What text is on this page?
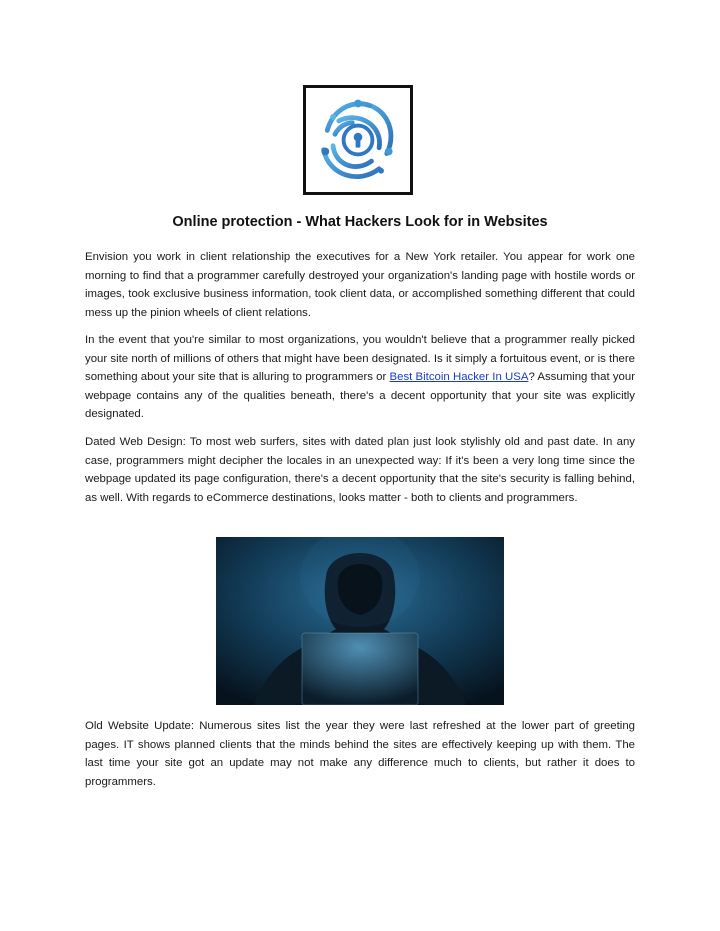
Online protection - What Hackers Look for in Websites

Envision you work in client relationship the executives for a New York retailer. You appear for work one morning to find that a programmer carefully destroyed your organization's landing page with hostile words or images, took exclusive business information, took client data, or accomplished something different that could mess up the pinion wheels of client relations.

In the event that you're similar to most organizations, you wouldn't believe that a programmer really picked your site north of millions of others that might have been designated. Is it simply a fortuitous event, or is there something about your site that is alluring to programmers or Best Bitcoin Hacker In USA? Assuming that your webpage contains any of the qualities beneath, there's a decent opportunity that your site was explicitly designated.

Dated Web Design: To most web surfers, sites with dated plan just look stylishly old and past date. In any case, programmers might decipher the locales in an unexpected way: If it's been a very long time since the webpage updated its page configuration, there's a decent opportunity that the site's security is falling behind, as well. With regards to eCommerce destinations, looks matter - both to clients and programmers.

Old Website Update: Numerous sites list the year they were last refreshed at the lower part of greeting pages. IT shows planned clients that the minds behind the sites are effectively keeping up with them. The last time your site got an update may not make any difference much to clients, but rather it does to programmers.
